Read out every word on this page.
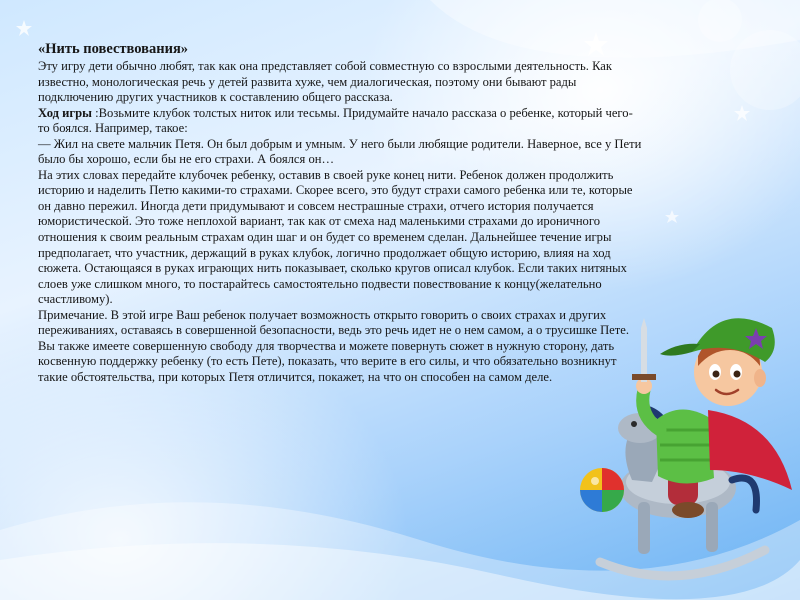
«Нить повествования»

Эту игру дети обычно любят, так как она представляет собой совместную со взрослыми деятельность. Как известно, монологическая речь у детей развита хуже, чем диалогическая, поэтому они бывают рады подключению других участников к составлению общего рассказа.

Ход игры :Возьмите клубок толстых ниток или тесьмы. Придумайте начало рассказа о ребенке, который чего-то боялся. Например, такое:

— Жил на свете мальчик Петя. Он был добрым и умным. У него были любящие родители. Наверное, все у Пети было бы хорошо, если бы не его страхи. А боялся он…

На этих словах передайте клубочек ребенку, оставив в своей руке конец нити. Ребенок должен продолжить историю и наделить Петю какими-то страхами. Скорее всего, это будут страхи самого ребенка или те, которые он давно пережил. Иногда дети придумывают и совсем нестрашные страхи, отчего история получается юмористической. Это тоже неплохой вариант, так как от смеха над маленькими страхами до ироничного отношения к своим реальным страхам один шаг и он будет со временем сделан. Дальнейшее течение игры предполагает, что участник, держащий в руках клубок, логично продолжает общую историю, влияя на ход сюжета. Остающаяся в руках играющих нить показывает, сколько кругов описал клубок. Если таких нитяных слоев уже слишком много, то постарайтесь самостоятельно подвести повествование к концу(желательно счастливому).

Примечание. В этой игре Ваш ребенок получает возможность открыто говорить о своих страхах и других переживаниях, оставаясь в совершенной безопасности, ведь это речь идет не о нем самом, а о трусишке Пете. Вы также имеете совершенную свободу для творчества и можете повернуть сюжет в нужную сторону, дать косвенную поддержку ребенку (то есть Пете), показать, что верите в его силы, и что обязательно возникнут такие обстоятельства, при которых Петя отличится, покажет, на что он способен на самом деле.
